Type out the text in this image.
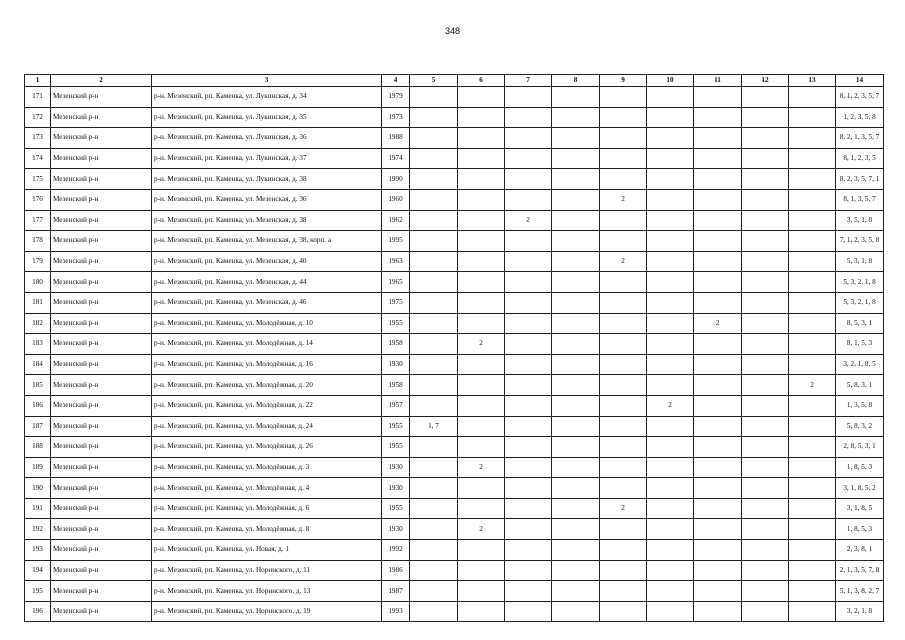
348
1	2	3	4	5	6	7	8	9	10	11	12	13	14
171	Мезенский р-н	р-н. Мезенский, рп. Каменка, ул. Лукинская, д. 34	1979										8, 1, 2, 3, 5, 7
172	Мезенский р-н	р-н. Мезенский, рп. Каменка, ул. Лукинская, д. 35	1973										1, 2, 3, 5, 8
173	Мезенский р-н	р-н. Мезенский, рп. Каменка, ул. Лукинская, д. 36	1988										8, 2, 1, 3, 5, 7
174	Мезенский р-н	р-н. Мезенский, рп. Каменка, ул. Лукинская, д. 37	1974										8, 1, 2, 3, 5
175	Мезенский р-н	р-н. Мезенский, рп. Каменка, ул. Лукинская, д. 38	1990										8, 2, 3, 5, 7, 1
176	Мезенский р-н	р-н. Мезенский, рп. Каменка, ул. Мезенская, д. 36	1960					2					8, 1, 3, 5, 7
177	Мезенский р-н	р-н. Мезенский, рп. Каменка, ул. Мезенская, д. 38	1962			2							3, 5, 1, 8
178	Мезенский р-н	р-н. Мезенский, рп. Каменка, ул. Мезенская, д. 38, корп. а	1995										7, 1, 2, 3, 5, 8
179	Мезенский р-н	р-н. Мезенский, рп. Каменка, ул. Мезенская, д. 40	1963					2					5, 3, 1, 8
180	Мезенский р-н	р-н. Мезенский, рп. Каменка, ул. Мезенская, д. 44	1965										5, 3, 2, 1, 8
181	Мезенский р-н	р-н. Мезенский, рп. Каменка, ул. Мезенская, д. 46	1975										5, 3, 2, 1, 8
182	Мезенский р-н	р-н. Мезенский, рп. Каменка, ул. Молодёжная, д. 10	1955							2			8, 5, 3, 1
183	Мезенский р-н	р-н. Мезенский, рп. Каменка, ул. Молодёжная, д. 14	1958		2								8, 1, 5, 3
184	Мезенский р-н	р-н. Мезенский, рп. Каменка, ул. Молодёжная, д. 16	1930										3, 2, 1, 8, 5
185	Мезенский р-н	р-н. Мезенский, рп. Каменка, ул. Молодёжная, д. 20	1958									2	5, 8, 3, 1
186	Мезенский р-н	р-н. Мезенский, рп. Каменка, ул. Молодёжная, д. 22	1957						2				1, 3, 5, 8
187	Мезенский р-н	р-н. Мезенский, рп. Каменка, ул. Молодёжная, д. 24	1955	1, 7									5, 8, 3, 2
188	Мезенский р-н	р-н. Мезенский, рп. Каменка, ул. Молодёжная, д. 26	1955										2, 8, 5, 3, 1
189	Мезенский р-н	р-н. Мезенский, рп. Каменка, ул. Молодёжная, д. 3	1930		2								1, 8, 5, 3
190	Мезенский р-н	р-н. Мезенский, рп. Каменка, ул. Молодёжная, д. 4	1930										3, 1, 8, 5, 2
191	Мезенский р-н	р-н. Мезенский, рп. Каменка, ул. Молодёжная, д. 6	1955					2					3, 1, 8, 5
192	Мезенский р-н	р-н. Мезенский, рп. Каменка, ул. Молодёжная, д. 8	1930		2								1, 8, 5, 3
193	Мезенский р-н	р-н. Мезенский, рп. Каменка, ул. Новая, д. 1	1992										2, 3, 8, 1
194	Мезенский р-н	р-н. Мезенский, рп. Каменка, ул. Норинского, д. 11	1986										2, 1, 3, 5, 7, 8
195	Мезенский р-н	р-н. Мезенский, рп. Каменка, ул. Норинского, д. 13	1987										5, 1, 3, 8, 2, 7
196	Мезенский р-н	р-н. Мезенский, рп. Каменка, ул. Норинского, д. 19	1993										3, 2, 1, 8
